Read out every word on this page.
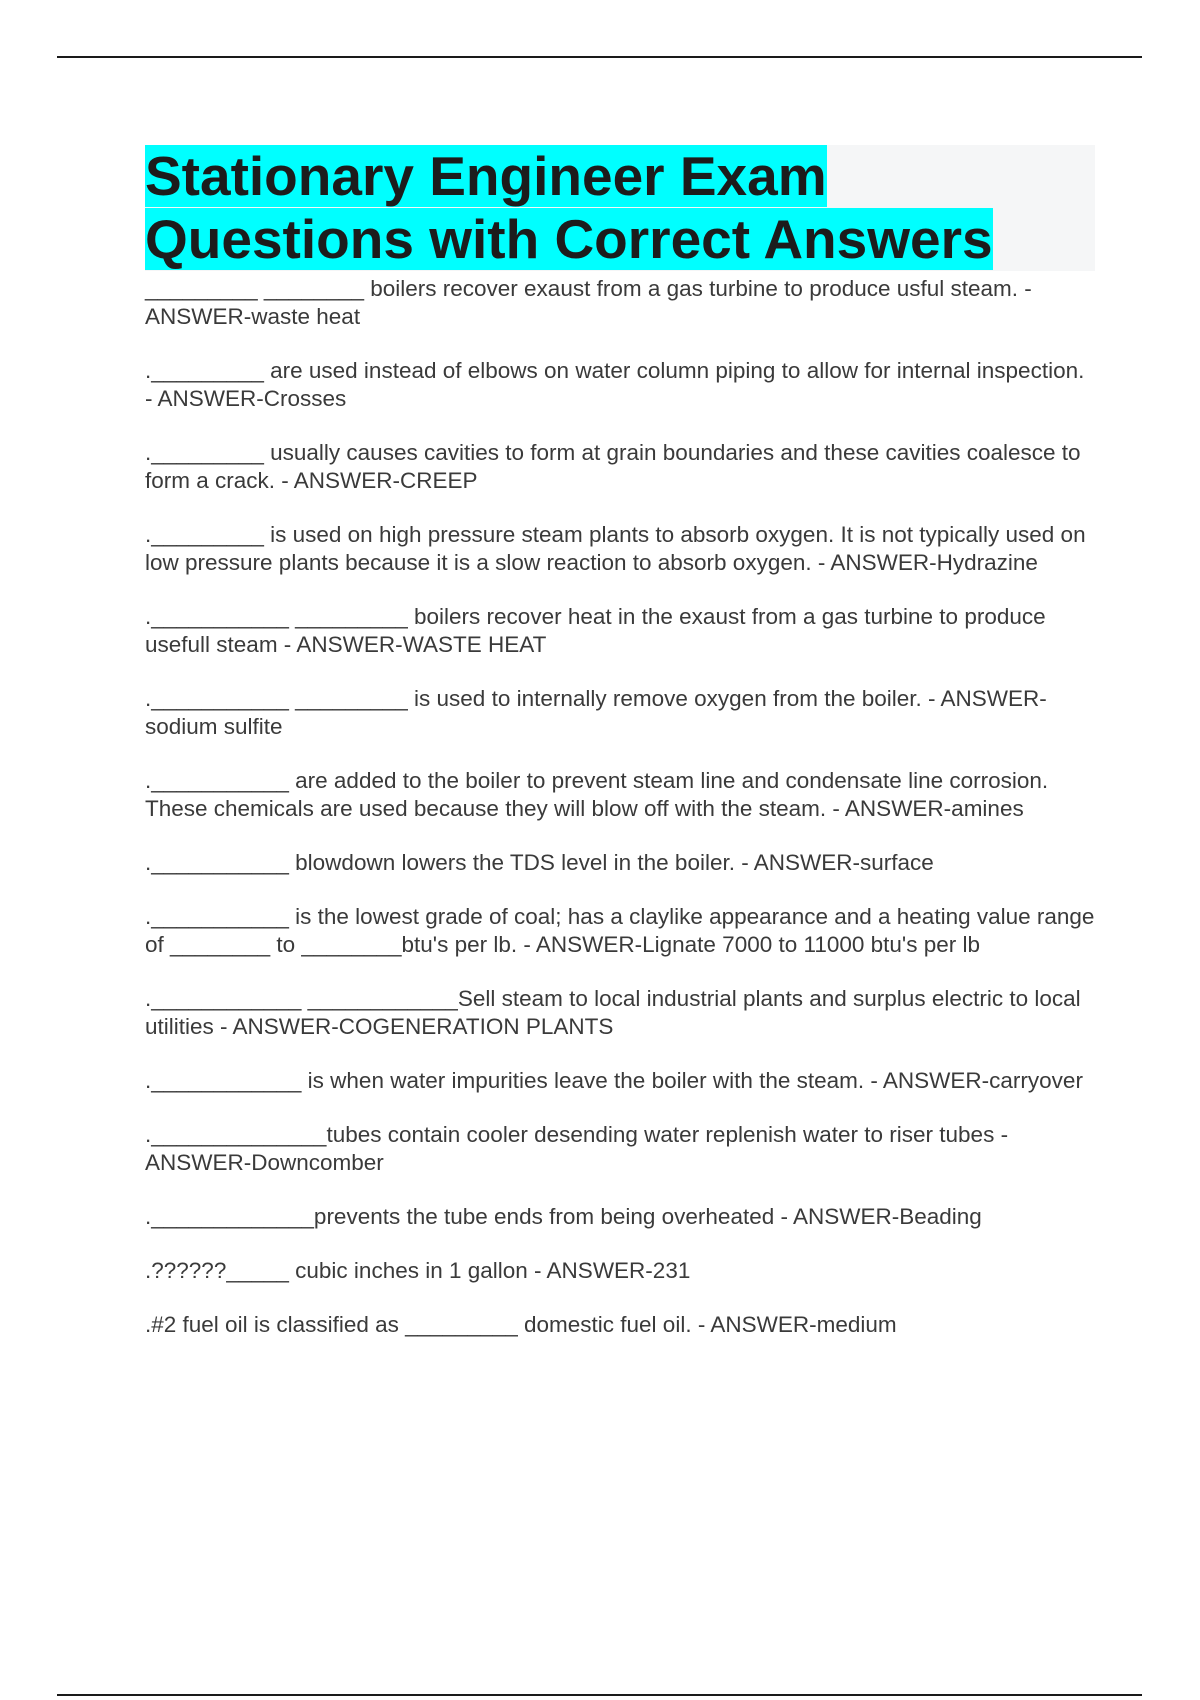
Stationary Engineer Exam
Questions with Correct Answers
_________ ________ boilers recover exaust from a gas turbine to produce usful steam. - ANSWER-waste heat
._________ are used instead of elbows on water column piping to allow for internal inspection. - ANSWER-Crosses
._________ usually causes cavities to form at grain boundaries and these cavities coalesce to form a crack. - ANSWER-CREEP
._________ is used on high pressure steam plants to absorb oxygen. It is not typically used on low pressure plants because it is a slow reaction to absorb oxygen. - ANSWER-Hydrazine
.___________ _________ boilers recover heat in the exaust from a gas turbine to produce usefull steam - ANSWER-WASTE HEAT
.___________ _________ is used to internally remove oxygen from the boiler. - ANSWER-sodium sulfite
.___________ are added to the boiler to prevent steam line and condensate line corrosion. These chemicals are used because they will blow off with the steam. - ANSWER-amines
.___________ blowdown lowers the TDS level in the boiler. - ANSWER-surface
.___________ is the lowest grade of coal; has a claylike appearance and a heating value range of ________ to ________btu's per lb. - ANSWER-Lignate 7000 to 11000 btu's per lb
.____________ ____________Sell steam to local industrial plants and surplus electric to local utilities - ANSWER-COGENERATION PLANTS
.____________ is when water impurities leave the boiler with the steam. - ANSWER-carryover
.______________tubes contain cooler desending water replenish water to riser tubes - ANSWER-Downcomber
._____________prevents the tube ends from being overheated - ANSWER-Beading
.??????_____ cubic inches in 1 gallon - ANSWER-231
.#2 fuel oil is classified as _________ domestic fuel oil. - ANSWER-medium
